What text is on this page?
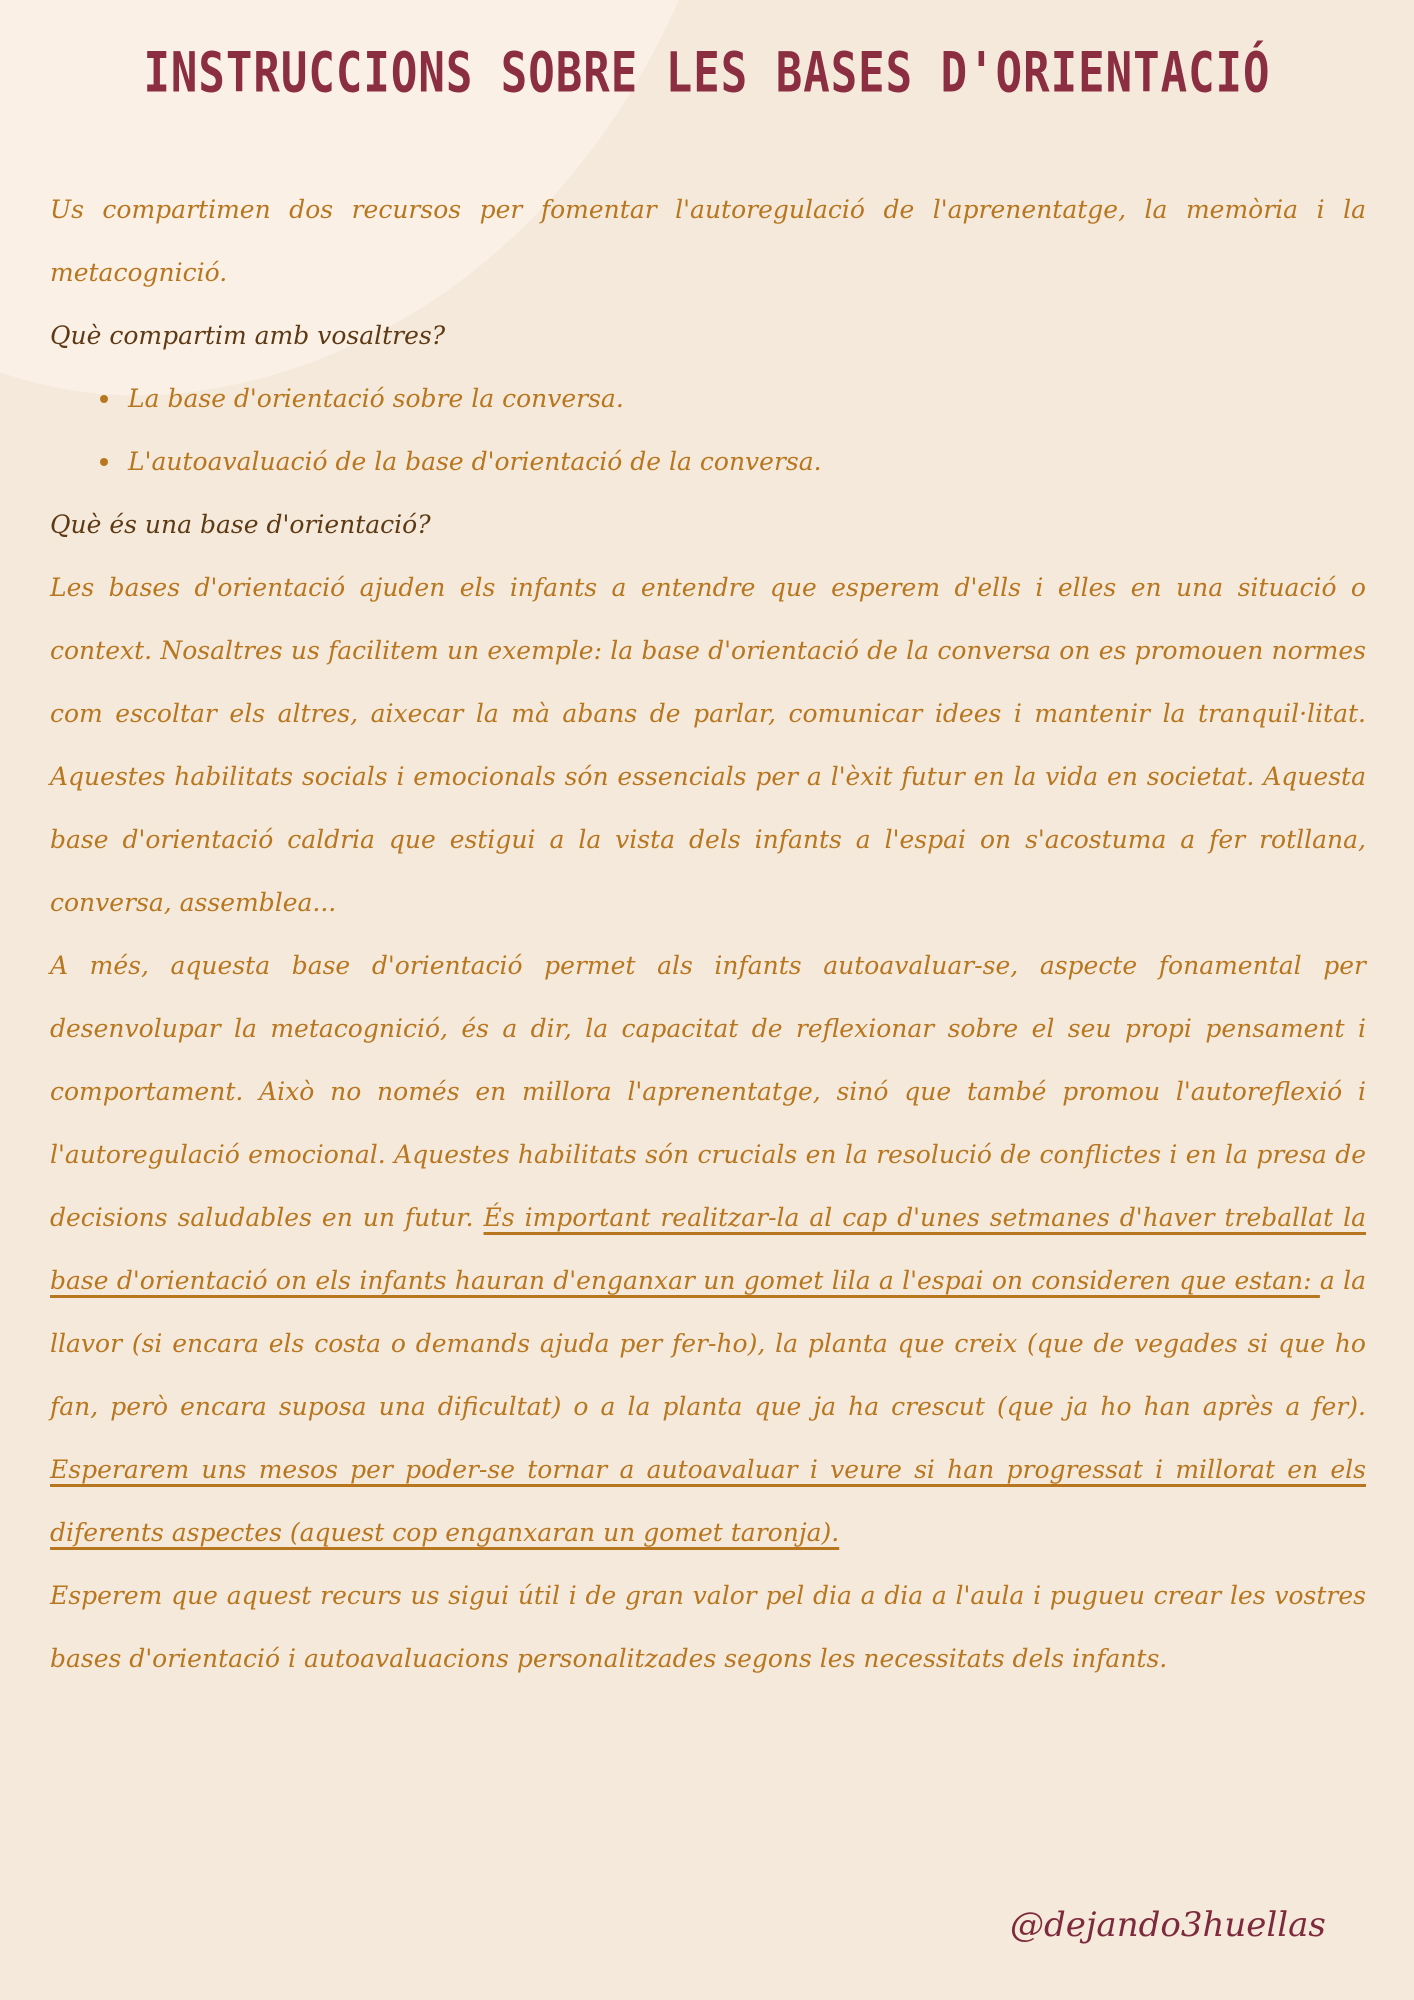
INSTRUCCIONS SOBRE LES BASES D'ORIENTACIÓ

Us compartimen dos recursos per fomentar l'autoregulació de l'aprenentatge, la memòria i la metacognició.

Què compartim amb vosaltres?

La base d'orientació sobre la conversa.
L'autoavaluació de la base d'orientació de la conversa.

Què és una base d'orientació?

Les bases d'orientació ajuden els infants a entendre que esperem d'ells i elles en una situació o context. Nosaltres us facilitem un exemple: la base d'orientació de la conversa on es promouen normes com escoltar els altres, aixecar la mà abans de parlar, comunicar idees i mantenir la tranquil·litat. Aquestes habilitats socials i emocionals són essencials per a l'èxit futur en la vida en societat. Aquesta base d'orientació caldria que estigui a la vista dels infants a l'espai on s'acostuma a fer rotllana, conversa, assemblea...

A més, aquesta base d'orientació permet als infants autoavaluar-se, aspecte fonamental per desenvolupar la metacognició, és a dir, la capacitat de reflexionar sobre el seu propi pensament i comportament. Això no només en millora l'aprenentatge, sinó que també promou l'autoreflexió i l'autoregulació emocional. Aquestes habilitats són crucials en la resolució de conflictes i en la presa de decisions saludables en un futur. És important realitzar-la al cap d'unes setmanes d'haver treballat la base d'orientació on els infants hauran d'enganxar un gomet lila a l'espai on consideren que estan: a la llavor (si encara els costa o demands ajuda per fer-ho), la planta que creix (que de vegades si que ho fan, però encara suposa una dificultat) o a la planta que ja ha crescut (que ja ho han après a fer). Esperarem uns mesos per poder-se tornar a autoavaluar i veure si han progressat i millorat en els diferents aspectes (aquest cop enganxaran un gomet taronja).

Esperem que aquest recurs us sigui útil i de gran valor pel dia a dia a l'aula i pugueu crear les vostres bases d'orientació i autoavaluacions personalitzades segons les necessitats dels infants.

@dejando3huellas
